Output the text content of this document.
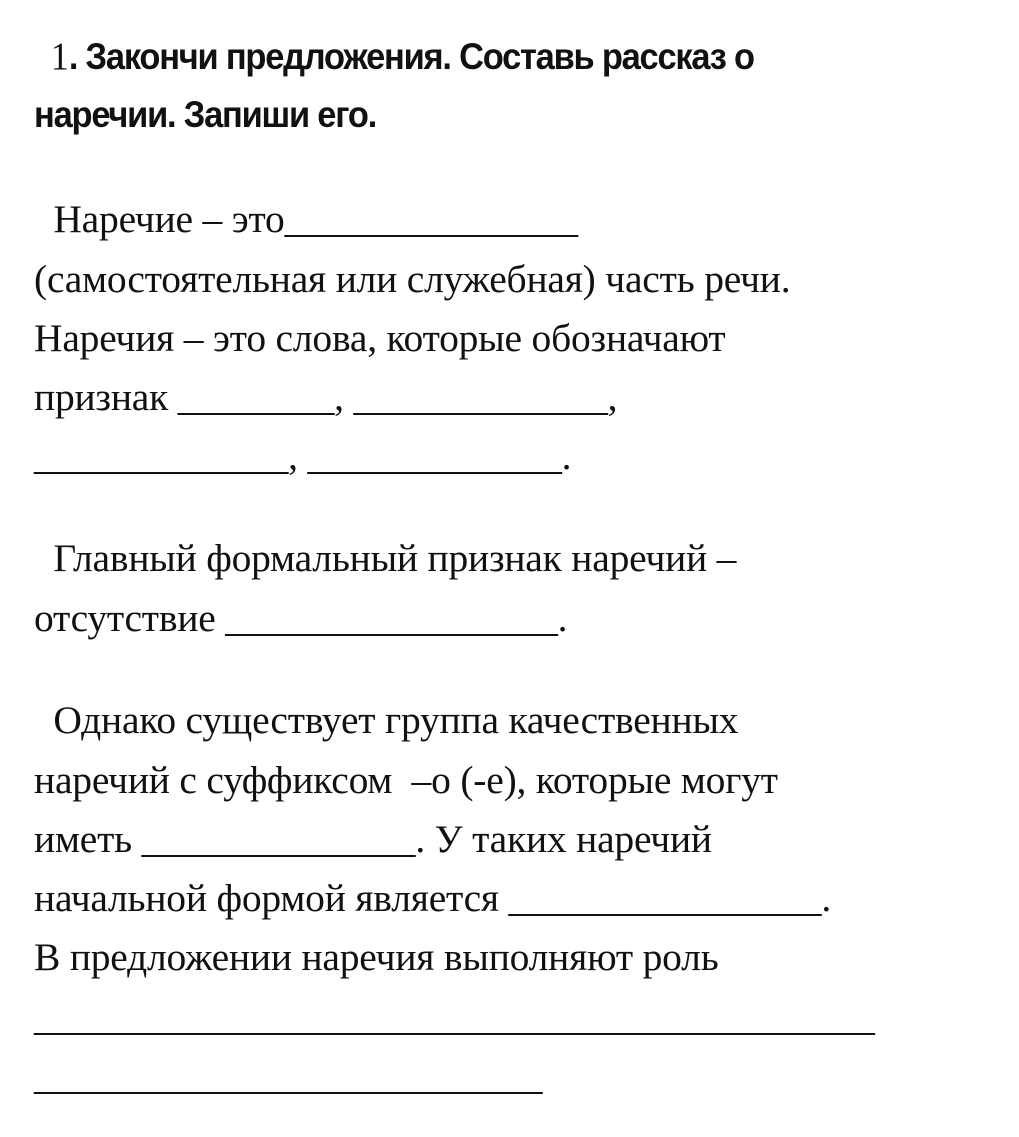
1. Закончи предложения. Составь рассказ о
наречии. Запиши его.
Наречие – это_______________
(самостоятельная или служебная) часть речи.
Наречия – это слова, которые обозначают
признак ________, _____________,
_____________, _____________.
Главный формальный признак наречий –
отсутствие _________________.
Однако существует группа качественных
наречий с суффиксом  –о (-е), которые могут
иметь ______________. У таких наречий
начальной формой является ________________.
В предложении наречия выполняют роль
___________________________________________
__________________________
